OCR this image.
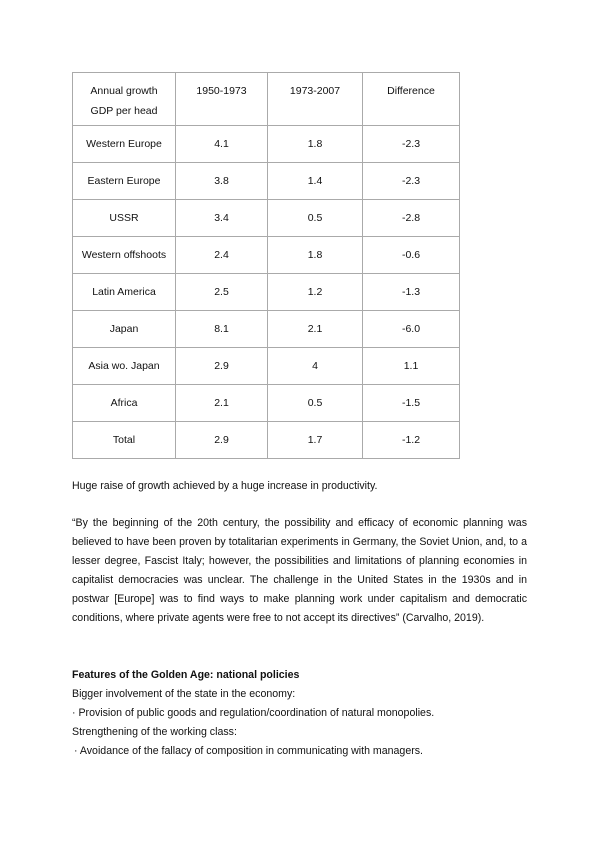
Annual growth
GDP per head	1950-1973	1973-2007	Difference
Western Europe	4.1	1.8	-2.3
Eastern Europe	3.8	1.4	-2.3
USSR	3.4	0.5	-2.8
Western offshoots	2.4	1.8	-0.6
Latin America	2.5	1.2	-1.3
Japan	8.1	2.1	-6.0
Asia wo. Japan	2.9	4	1.1
Africa	2.1	0.5	-1.5
Total	2.9	1.7	-1.2
Huge raise of growth achieved by a huge increase in productivity.
“By the beginning of the 20th century, the possibility and efficacy of economic planning was believed to have been proven by totalitarian experiments in Germany, the Soviet Union, and, to a lesser degree, Fascist Italy; however, the possibilities and limitations of planning economies in capitalist democracies was unclear. The challenge in the United States in the 1930s and in postwar [Europe] was to find ways to make planning work under capitalism and democratic conditions, where private agents were free to not accept its directives” (Carvalho, 2019).

Features of the Golden Age: national policies

Bigger involvement of the state in the economy:

· Provision of public goods and regulation/coordination of natural monopolies.

Strengthening of the working class:

· Avoidance of the fallacy of composition in communicating with managers.
